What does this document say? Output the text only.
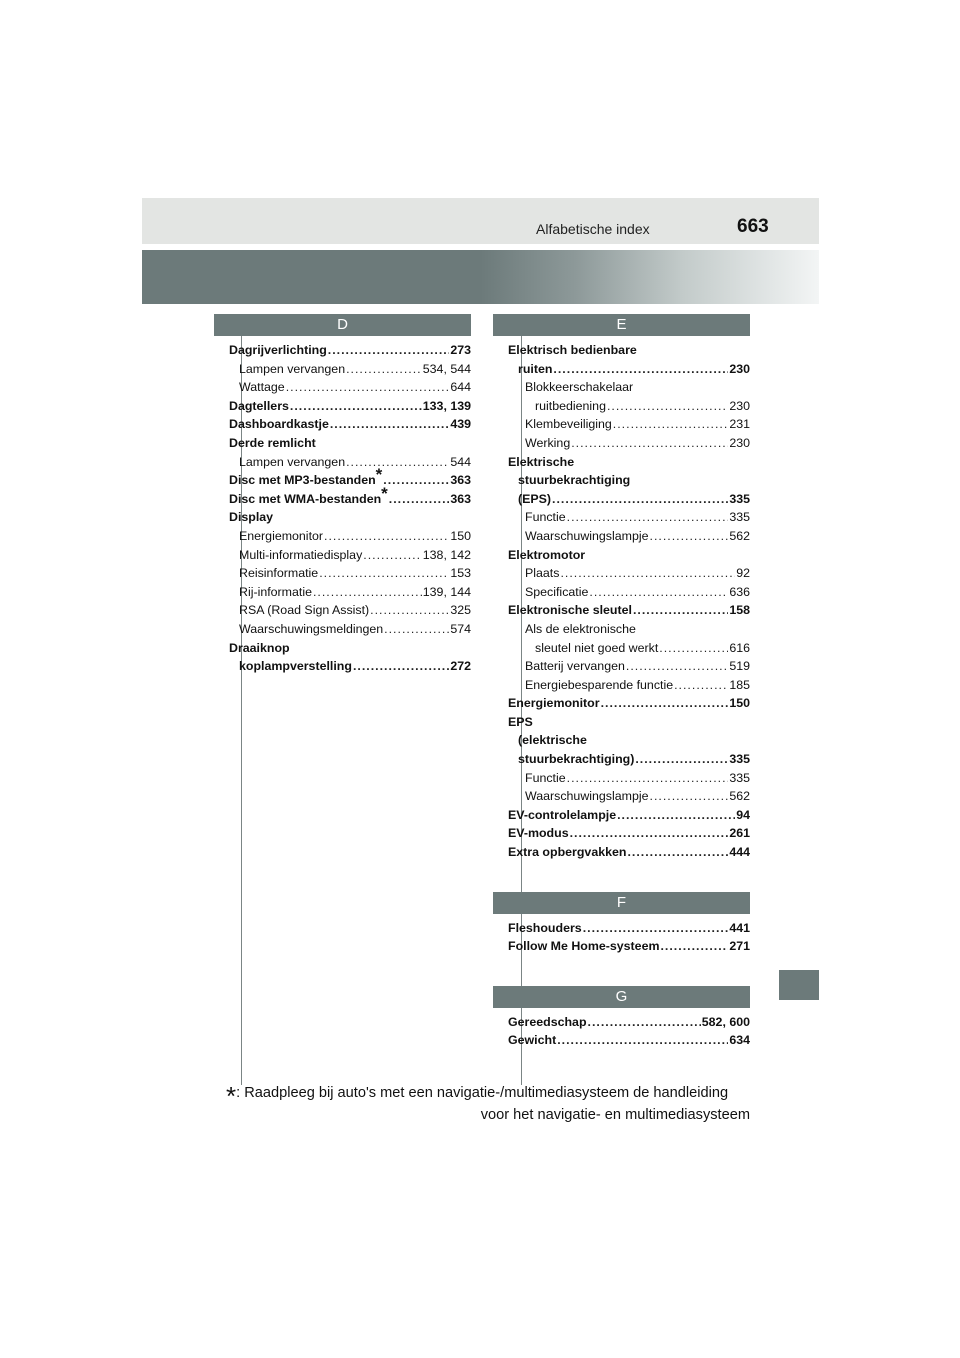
Alfabetische index	663
D
Dagrijverlichting .....	273
Lampen vervangen .....	534, 544
Wattage .....	644
Dagtellers .....	133, 139
Dashboardkastje .....	439
Derde remlicht
Lampen vervangen .....	544
Disc met MP3-bestanden* .....	363
Disc met WMA-bestanden* .....	363
Display
Energiemonitor .....	150
Multi-informatiedisplay .....	138, 142
Reisinformatie .....	153
Rij-informatie .....	139, 144
RSA (Road Sign Assist) .....	325
Waarschuwingsmeldingen .....	574
Draaiknop
koplampverstelling .....	272
E
Elektrisch bedienbare
ruiten .....	230
Blokkeerschakelaar
ruitbediening .....	230
Klembeveiliging .....	231
Werking .....	230
Elektrische
stuurbekrachtiging
(EPS) .....	335
Functie .....	335
Waarschuwingslampje .....	562
Elektromotor
Plaats .....	92
Specificatie .....	636
Elektronische sleutel .....	158
Als de elektronische
sleutel niet goed werkt .....	616
Batterij vervangen .....	519
Energiebesparende functie .....	185
Energiemonitor .....	150
EPS
(elektrische
stuurbekrachtiging) .....	335
Functie .....	335
Waarschuwingslampje .....	562
EV-controlelampje .....	94
EV-modus .....	261
Extra opbergvakken .....	444
F
Fleshouders .....	441
Follow Me Home-systeem .....	271
G
Gereedschap .....	582, 600
Gewicht .....	634
*: Raadpleeg bij auto's met een navigatie-/multimediasysteem de handleiding
voor het navigatie- en multimediasysteem
